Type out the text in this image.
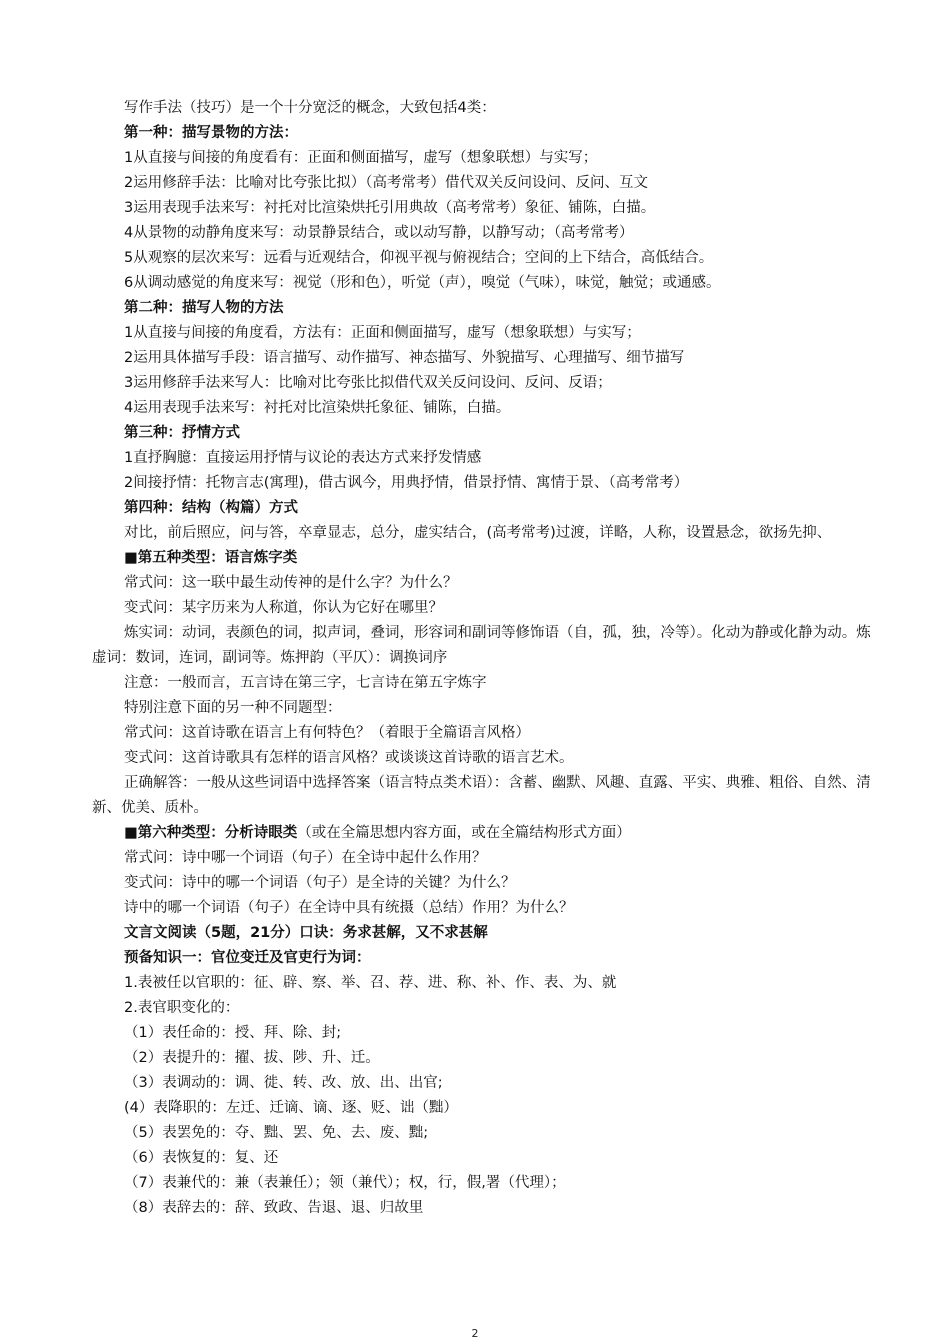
写作手法（技巧）是一个十分宽泛的概念，大致包括4类：
第一种：描写景物的方法：
1从直接与间接的角度看有：正面和侧面描写，虚写（想象联想）与实写；
2运用修辞手法：比喻对比夸张比拟）（高考常考）借代双关反问设问、反问、互文
3运用表现手法来写：衬托对比渲染烘托引用典故（高考常考）象征、铺陈，白描。
4从景物的动静角度来写：动景静景结合，或以动写静，以静写动；（高考常考）
5从观察的层次来写：远看与近观结合，仰视平视与俯视结合；空间的上下结合，高低结合。
6从调动感觉的角度来写：视觉（形和色），听觉（声），嗅觉（气味），味觉，触觉；或通感。
第二种：描写人物的方法
1从直接与间接的角度看，方法有：正面和侧面描写，虚写（想象联想）与实写；
2运用具体描写手段：语言描写、动作描写、神态描写、外貌描写、心理描写、细节描写
3运用修辞手法来写人：比喻对比夸张比拟借代双关反问设问、反问、反语；
4运用表现手法来写：衬托对比渲染烘托象征、铺陈，白描。
第三种：抒情方式
1直抒胸臆：直接运用抒情与议论的表达方式来抒发情感
2间接抒情：托物言志(寓理)，借古讽今，用典抒情，借景抒情、寓情于景、（高考常考）
第四种：结构（构篇）方式
对比，前后照应，问与答，卒章显志，总分，虚实结合，(高考常考)过渡，详略，人称，设置悬念，欲扬先抑、
■第五种类型：语言炼字类
常式问：这一联中最生动传神的是什么字？为什么？
变式问：某字历来为人称道，你认为它好在哪里？
炼实词：动词，表颜色的词，拟声词，叠词，形容词和副词等修饰语（自，孤，独，冷等）。化动为静或化静为动。炼虚词：数词，连词，副词等。炼押韵（平仄）：调换词序
注意：一般而言，五言诗在第三字，七言诗在第五字炼字
特别注意下面的另一种不同题型：
常式问：这首诗歌在语言上有何特色？（着眼于全篇语言风格）
变式问：这首诗歌具有怎样的语言风格？或谈谈这首诗歌的语言艺术。
正确解答：一般从这些词语中选择答案（语言特点类术语）：含蓄、幽默、风趣、直露、平实、典雅、粗俗、自然、清新、优美、质朴。
■第六种类型：分析诗眼类（或在全篇思想内容方面，或在全篇结构形式方面）
常式问：诗中哪一个词语（句子）在全诗中起什么作用？
变式问：诗中的哪一个词语（句子）是全诗的关键？为什么？
诗中的哪一个词语（句子）在全诗中具有统摄（总结）作用？为什么？
文言文阅读（5题，21分）口诀：务求甚解，又不求甚解
预备知识一：官位变迁及官吏行为词：
1.表被任以官职的：征、辟、察、举、召、荐、进、称、补、作、表、为、就
2.表官职变化的：
（1）表任命的：授、拜、除、封;
（2）表提升的：擢、拔、陟、升、迁。
（3）表调动的：调、徙、转、改、放、出、出官;
(4）表降职的：左迁、迁谪、谪、逐、贬、诎（黜）
（5）表罢免的：夺、黜、罢、免、去、废、黜;
（6）表恢复的：复、还
（7）表兼代的：兼（表兼任）；领（兼代）；权，行，假,署（代理）；
（8）表辞去的：辞、致政、告退、退、归故里
2
